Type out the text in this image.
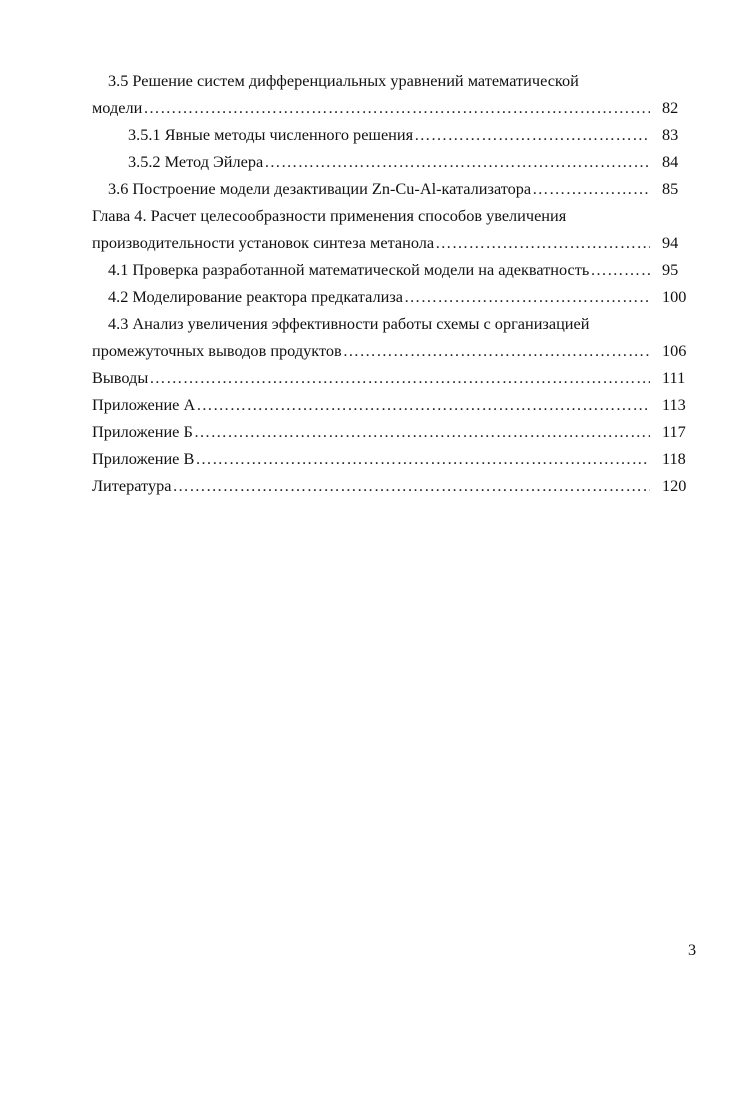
3.5 Решение систем дифференциальных уравнений математической
модели ……………………………………………………………………………………………………………………………………………………………………………………………………………	82
3.5.1 Явные методы численного решения ……………………………………………………………………………………………………………………………………………………………………………………………………………	83
3.5.2 Метод Эйлера ……………………………………………………………………………………………………………………………………………………………………………………………………………	84
3.6 Построение модели дезактивации Zn-Cu-Al-катализатора ……………………………………………………………………………………………………………………………………………………………………………………………………………	85
Глава 4. Расчет целесообразности применения способов увеличения
производительности установок синтеза метанола ……………………………………………………………………………………………………………………………………………………………………………………………………………	94
4.1 Проверка разработанной математической модели на адекватность ……………………………………………………………………………………………………………………………………………………………………………………………………………	95
4.2 Моделирование реактора предкатализа ……………………………………………………………………………………………………………………………………………………………………………………………………………	100
4.3 Анализ увеличения эффективности работы схемы с организацией
промежуточных выводов продуктов ……………………………………………………………………………………………………………………………………………………………………………………………………………	106
Выводы ……………………………………………………………………………………………………………………………………………………………………………………………………………	111
Приложение А ……………………………………………………………………………………………………………………………………………………………………………………………………………	113
Приложение Б ……………………………………………………………………………………………………………………………………………………………………………………………………………	117
Приложение В ……………………………………………………………………………………………………………………………………………………………………………………………………………	118
Литература ……………………………………………………………………………………………………………………………………………………………………………………………………………	120
3
